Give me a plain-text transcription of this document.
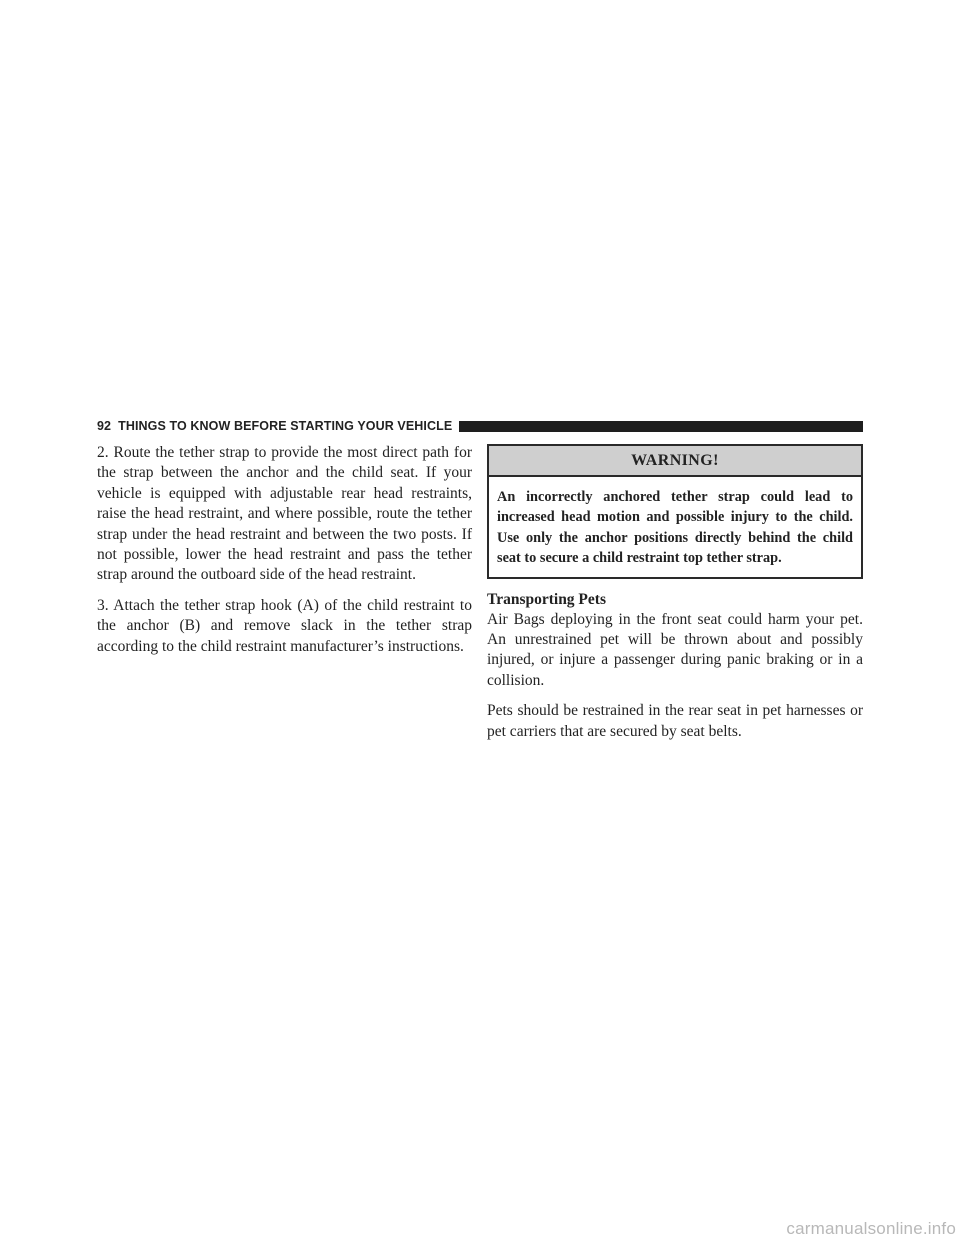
92 THINGS TO KNOW BEFORE STARTING YOUR VEHICLE

2. Route the tether strap to provide the most direct path for the strap between the anchor and the child seat. If your vehicle is equipped with adjustable rear head restraints, raise the head restraint, and where possible, route the tether strap under the head restraint and between the two posts. If not possible, lower the head restraint and pass the tether strap around the outboard side of the head restraint.

3. Attach the tether strap hook (A) of the child restraint to the anchor (B) and remove slack in the tether strap according to the child restraint manufacturer’s instructions.

WARNING!
An incorrectly anchored tether strap could lead to increased head motion and possible injury to the child. Use only the anchor positions directly behind the child seat to secure a child restraint top tether strap.
Transporting Pets

Air Bags deploying in the front seat could harm your pet. An unrestrained pet will be thrown about and possibly injured, or injure a passenger during panic braking or in a collision.

Pets should be restrained in the rear seat in pet harnesses or pet carriers that are secured by seat belts.

carmanualsonline.info
